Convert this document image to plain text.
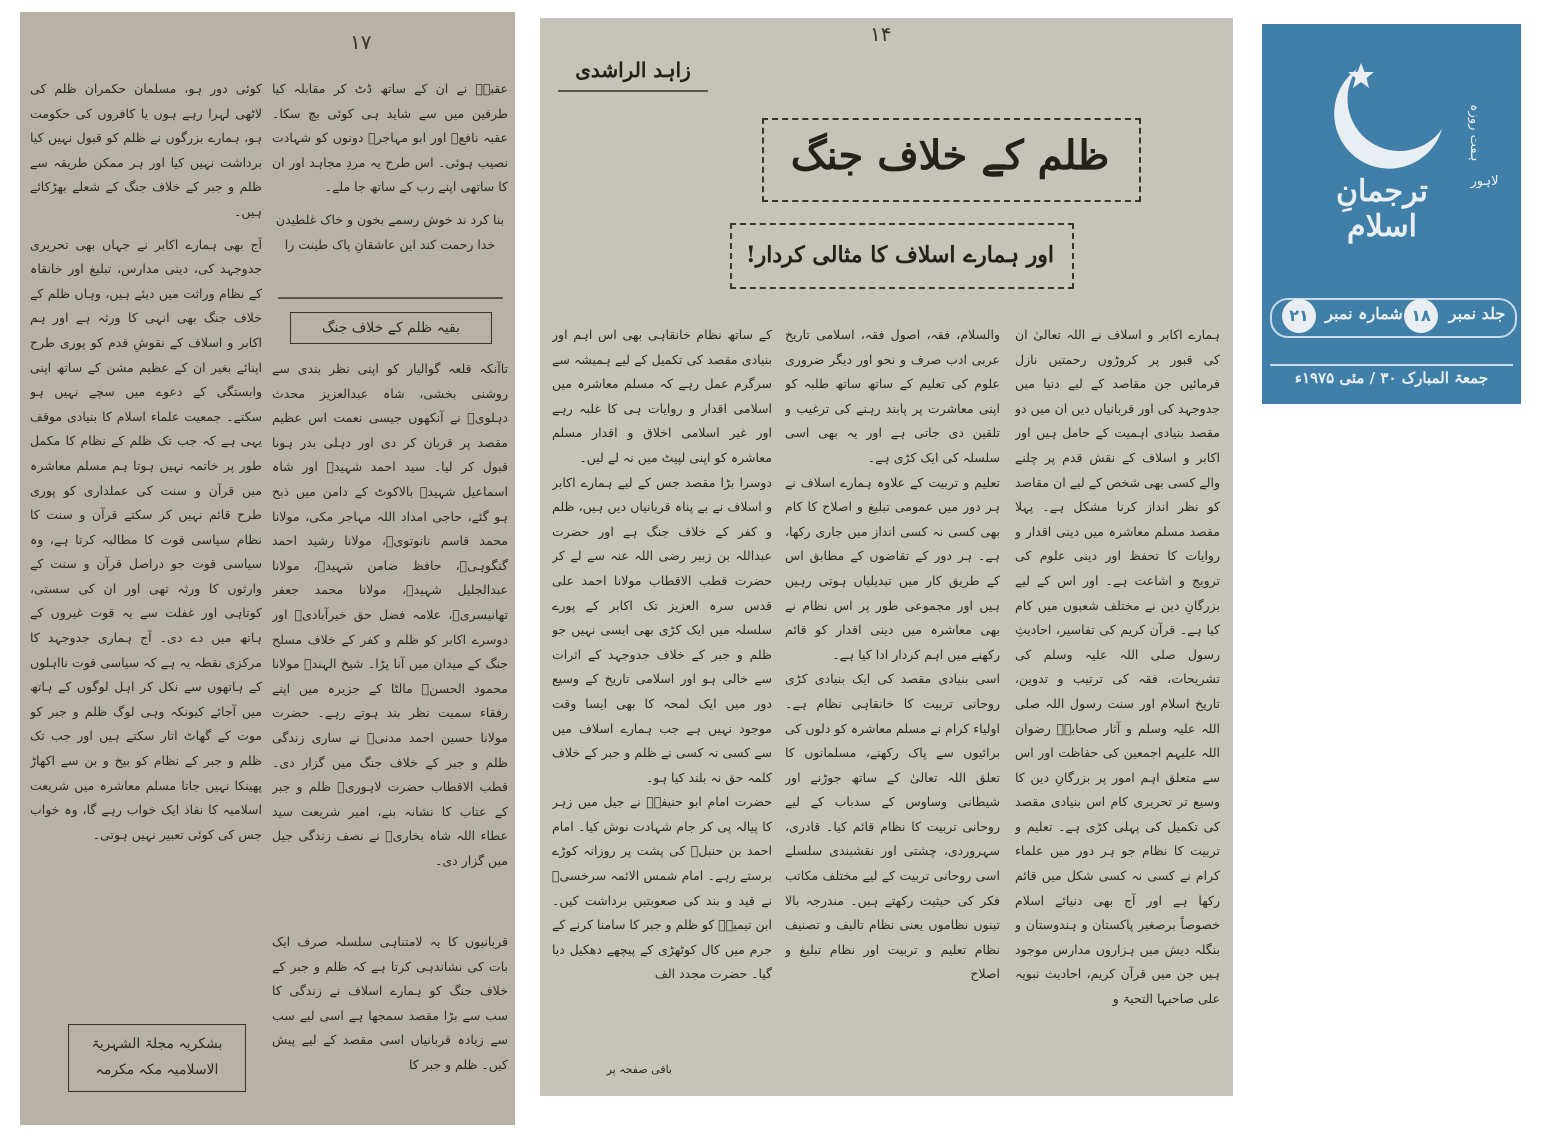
۱۷

عقبہؓ نے ان کے ساتھ ڈٹ کر مقابلہ کیا طرفین میں سے شاید ہی کوئی بچ سکا۔ عقبہ نافعؓ اور ابو مہاجرؓ دونوں کو شہادت نصیب ہوئی۔ اس طرح یہ مردِ مجاہد اور ان کا ساتھی اپنے رب کے ساتھ جا ملے۔

بنا کرد ند خوش رسمے بخون و خاک غلطیدن
خدا رحمت کند این عاشقانِ پاک طینت را

بقیہ ظلم کے خلاف جنگ

تاآنکہ قلعہ گوالیار کو اپنی نظر بندی سے روشنی بخشی، شاہ عبدالعزیز محدث دہلویؒ نے آنکھوں جیسی نعمت اس عظیم مقصد پر قربان کر دی اور دہلی بدر ہونا قبول کر لیا۔ سید احمد شہیدؒ اور شاہ اسماعیل شہیدؒ بالاکوٹ کے دامن میں ذبح ہو گئے، حاجی امداد اللہ مہاجر مکی، مولانا محمد قاسم نانوتویؒ، مولانا رشید احمد گنگوہیؒ، حافظ ضامن شہیدؒ، مولانا عبدالجلیل شہیدؒ، مولانا محمد جعفر تھانیسریؒ، علامہ فضل حق خیرآبادیؒ اور دوسرے اکابر کو ظلم و کفر کے خلاف مسلح جنگ کے میدان میں آنا پڑا۔ شیخ الہندؒ مولانا محمود الحسنؒ مالٹا کے جزیرہ میں اپنے رفقاء سمیت نظر بند ہوتے رہے۔ حضرت مولانا حسین احمد مدنیؒ نے ساری زندگی ظلم و جبر کے خلاف جنگ میں گزار دی۔ قطب الاقطاب حضرت لاہوریؒ ظلم و جبر کے عتاب کا نشانہ بنے، امیر شریعت سید عطاء اللہ شاہ بخاریؒ نے نصف زندگی جیل میں گزار دی۔

قربانیوں کا یہ لامتناہی سلسلہ صرف ایک بات کی نشاندہی کرتا ہے کہ ظلم و جبر کے خلاف جنگ کو ہمارے اسلاف نے زندگی کا سب سے بڑا مقصد سمجھا ہے اسی لیے سب سے زیادہ قربانیاں اسی مقصد کے لیے پیش کیں۔ ظلم و جبر کا

کوئی دور ہو، مسلمان حکمران ظلم کی لاٹھی لہرا رہے ہوں یا کافروں کی حکومت ہو، ہمارے بزرگوں نے ظلم کو قبول نہیں کیا برداشت نہیں کیا اور ہر ممکن طریقہ سے ظلم و جبر کے خلاف جنگ کے شعلے بھڑکائے ہیں۔

آج بھی ہمارے اکابر نے جہاں بھی تحریری جدوجہد کی، دینی مدارس، تبلیغ اور خانقاہ کے نظام وراثت میں دیئے ہیں، وہاں ظلم کے خلاف جنگ بھی انہی کا ورثہ ہے اور ہم اکابر و اسلاف کے نقوشِ قدم کو پوری طرح اپنائے بغیر ان کے عظیم مشن کے ساتھ اپنی وابستگی کے دعوے میں سچے نہیں ہو سکتے۔ جمعیت علماء اسلام کا بنیادی موقف یہی ہے کہ جب تک ظلم کے نظام کا مکمل طور پر خاتمہ نہیں ہوتا ہم مسلم معاشرہ میں قرآن و سنت کی عملداری کو پوری طرح قائم نہیں کر سکتے قرآن و سنت کا نظام سیاسی قوت کا مطالبہ کرتا ہے، وہ سیاسی قوت جو دراصل قرآن و سنت کے وارثوں کا ورثہ تھی اور ان کی سستی، کوتاہی اور غفلت سے یہ قوت غیروں کے ہاتھ میں دے دی۔ آج ہماری جدوجہد کا مرکزی نقطہ یہ ہے کہ سیاسی قوت نااہلوں کے ہاتھوں سے نکل کر اہل لوگوں کے ہاتھ میں آجائے کیونکہ وہی لوگ ظلم و جبر کو موت کے گھاٹ اتار سکتے ہیں اور جب تک ظلم و جبر کے نظام کو بیخ و بن سے اکھاڑ پھینکا نہیں جاتا مسلم معاشرہ میں شریعت اسلامیہ کا نفاذ ایک خواب رہے گا، وہ خواب جس کی کوئی تعبیر نہیں ہوتی۔

بشکریہ مجلۃ الشہریۃ
الاسلامیہ مکہ مکرمہ
۱۴
زاہد الراشدی
ظلم کے خلاف جنگ
اور ہمارے اسلاف کا مثالی کردار!
ہمارے اکابر و اسلاف نے اللہ تعالیٰ ان کی قبور پر کروڑوں رحمتیں نازل فرمائیں جن مقاصد کے لیے دنیا میں جدوجہد کی اور قربانیاں دیں ان میں دو مقصد بنیادی اہمیت کے حامل ہیں اور اکابر و اسلاف کے نقش قدم پر چلنے والے کسی بھی شخص کے لیے ان مقاصد کو نظر انداز کرنا مشکل ہے۔ پہلا مقصد مسلم معاشرہ میں دینی اقدار و روایات کا تحفظ اور دینی علوم کی ترویج و اشاعت ہے۔ اور اس کے لیے بزرگانِ دین نے مختلف شعبوں میں کام کیا ہے۔ قرآن کریم کی تفاسیر، احادیثِ رسول صلی اللہ علیہ وسلم کی تشریحات، فقہ کی ترتیب و تدوین، تاریخ اسلام اور سنت رسول اللہ صلی اللہ علیہ وسلم و آثار صحابہؓ رضوان اللہ علیہم اجمعین کی حفاظت اور اس سے متعلق اہم امور پر بزرگانِ دین کا وسیع تر تحریری کام اس بنیادی مقصد کی تکمیل کی پہلی کڑی ہے۔ تعلیم و تربیت کا نظام جو ہر دور میں علماء کرام نے کسی نہ کسی شکل میں قائم رکھا ہے اور آج بھی دنیائے اسلام خصوصاً برصغیر پاکستان و ہندوستان و بنگلہ دیش میں ہزاروں مدارس موجود ہیں جن میں قرآن کریم، احادیث نبویہ علی صاحبہا التحیۃ و
والسلام، فقہ، اصول فقہ، اسلامی تاریخ عربی ادب صرف و نحو اور دیگر ضروری علوم کی تعلیم کے ساتھ ساتھ طلبہ کو اپنی معاشرت پر پابند رہنے کی ترغیب و تلقین دی جاتی ہے اور یہ بھی اسی سلسلہ کی ایک کڑی ہے۔
تعلیم و تربیت کے علاوہ ہمارے اسلاف نے ہر دور میں عمومی تبلیغ و اصلاح کا کام بھی کسی نہ کسی انداز میں جاری رکھا، ہے۔ ہر دور کے تقاضوں کے مطابق اس کے طریق کار میں تبدیلیاں ہوتی رہیں ہیں اور مجموعی طور پر اس نظام نے بھی معاشرہ میں دینی اقدار کو قائم رکھنے میں اہم کردار ادا کیا ہے۔
اسی بنیادی مقصد کی ایک بنیادی کڑی روحانی تربیت کا خانقاہی نظام ہے۔ اولیاء کرام نے مسلم معاشرہ کو دلوں کی برائیوں سے پاک رکھنے، مسلمانوں کا تعلق اللہ تعالیٰ کے ساتھ جوڑنے اور شیطانی وساوس کے سدباب کے لیے روحانی تربیت کا نظام قائم کیا۔ قادری، سہروردی، چشتی اور نقشبندی سلسلے اسی روحانی تربیت کے لیے مختلف مکاتب فکر کی حیثیت رکھتے ہیں۔ مندرجہ بالا تینوں نظاموں یعنی نظام تالیف و تصنیف نظام تعلیم و تربیت اور نظام تبلیغ و اصلاح
کے ساتھ نظام خانقاہی بھی اس اہم اور بنیادی مقصد کی تکمیل کے لیے ہمیشہ سے سرگرم عمل رہے کہ مسلم معاشرہ میں اسلامی اقدار و روایات ہی کا غلبہ رہے اور غیر اسلامی اخلاق و اقدار مسلم معاشرہ کو اپنی لپیٹ میں نہ لے لیں۔
دوسرا بڑا مقصد جس کے لیے ہمارے اکابر و اسلاف نے بے پناہ قربانیاں دیں ہیں، ظلم و کفر کے خلاف جنگ ہے اور حضرت عبداللہ بن زبیر رضی اللہ عنہ سے لے کر حضرت قطب الاقطاب مولانا احمد علی قدس سرہ العزیز تک اکابر کے پورے سلسلہ میں ایک کڑی بھی ایسی نہیں جو ظلم و جبر کے خلاف جدوجہد کے اثرات سے خالی ہو اور اسلامی تاریخ کے وسیع دور میں ایک لمحہ کا بھی ایسا وقت موجود نہیں ہے جب ہمارے اسلاف میں سے کسی نہ کسی نے ظلم و جبر کے خلاف کلمہ حق نہ بلند کیا ہو۔
حضرت امام ابو حنیفہؒ نے جیل میں زہر کا پیالہ پی کر جام شہادت نوش کیا۔ امام احمد بن حنبلؒ کی پشت پر روزانہ کوڑے برستے رہے۔ امام شمس الائمہ سرخسیؒ نے قید و بند کی صعوبتیں برداشت کیں۔ ابن تیمیہؒ کو ظلم و جبر کا سامنا کرنے کے جرم میں کال کوٹھڑی کے پیچھے دھکیل دیا گیا۔ حضرت مجدد الف
باقی صفحہ پر
ہفت روزہ
ترجمانِ اسلام
لاہور
جلد نمبر
۱۸
شمارہ نمبر
۲۱
جمعۃ المبارک ۳۰ / مئی ۱۹۷۵ء
